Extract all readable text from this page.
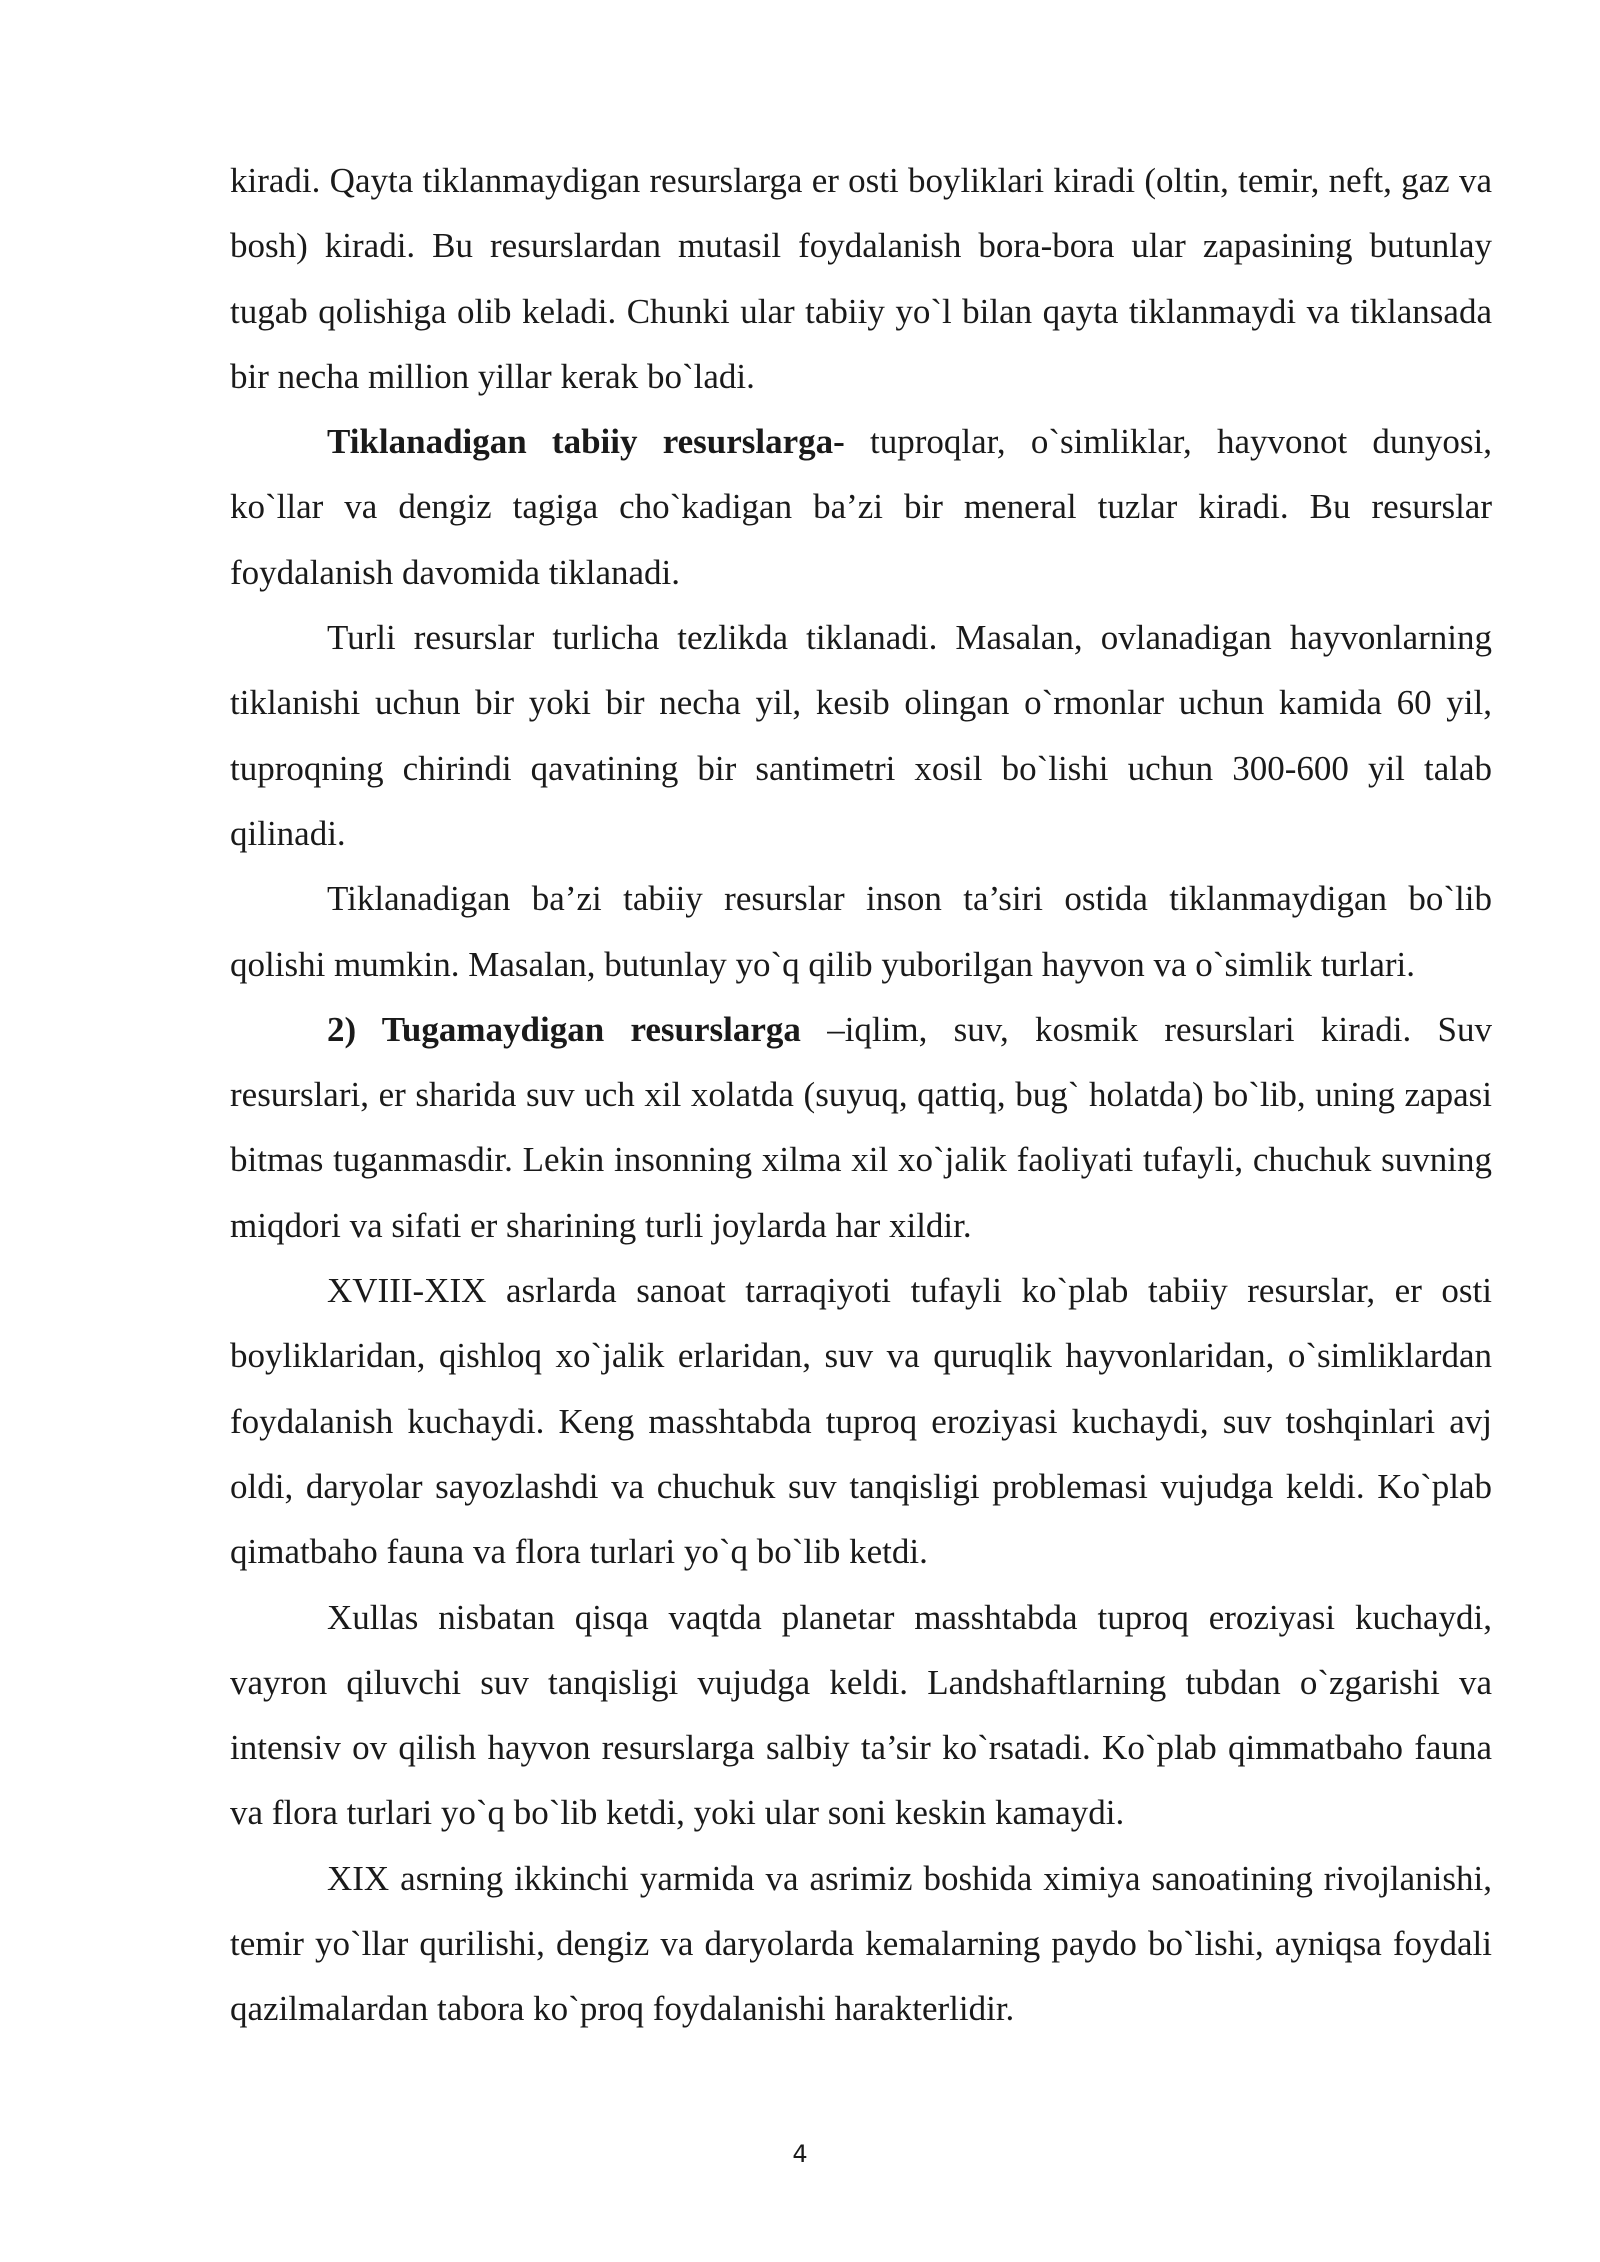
kiradi. Qayta tiklanmaydigan resurslarga er osti boyliklari kiradi (oltin, temir, neft, gaz va bosh) kiradi. Bu resurslardan mutasil foydalanish bora-bora ular zapasining butunlay tugab qolishiga olib keladi. Chunki ular tabiiy yo`l bilan qayta tiklanmaydi va tiklansada bir necha million yillar kerak bo`ladi.

Tiklanadigan tabiiy resurslarga- tuproqlar, o`simliklar, hayvonot dunyosi, ko`llar va dengiz tagiga cho`kadigan ba’zi bir meneral tuzlar kiradi. Bu resurslar foydalanish davomida tiklanadi.

Turli resurslar turlicha tezlikda tiklanadi. Masalan, ovlanadigan hayvonlarning tiklanishi uchun bir yoki bir necha yil, kesib olingan o`rmonlar uchun kamida 60 yil, tuproqning chirindi qavatining bir santimetri xosil bo`lishi uchun 300-600 yil talab qilinadi.

Tiklanadigan ba’zi tabiiy resurslar inson ta’siri ostida tiklanmaydigan bo`lib qolishi mumkin. Masalan, butunlay yo`q qilib yuborilgan hayvon va o`simlik turlari.

2) Tugamaydigan resurslarga –iqlim, suv, kosmik resurslari kiradi. Suv resurslari, er sharida suv uch xil xolatda (suyuq, qattiq, bug` holatda) bo`lib, uning zapasi bitmas tuganmasdir. Lekin insonning xilma xil xo`jalik faoliyati tufayli, chuchuk suvning miqdori va sifati er sharining turli joylarda har xildir.

XVIII-XIX asrlarda sanoat tarraqiyoti tufayli ko`plab tabiiy resurslar, er osti boyliklaridan, qishloq xo`jalik erlaridan, suv va quruqlik hayvonlaridan, o`simliklardan foydalanish kuchaydi. Keng masshtabda tuproq eroziyasi kuchaydi, suv toshqinlari avj oldi, daryolar sayozlashdi va chuchuk suv tanqisligi problemasi vujudga keldi. Ko`plab qimatbaho fauna va flora turlari yo`q bo`lib ketdi.

Xullas nisbatan qisqa vaqtda planetar masshtabda tuproq eroziyasi kuchaydi, vayron qiluvchi suv tanqisligi vujudga keldi. Landshaftlarning tubdan o`zgarishi va intensiv ov qilish hayvon resurslarga salbiy ta’sir ko`rsatadi. Ko`plab qimmatbaho fauna va flora turlari yo`q bo`lib ketdi, yoki ular soni keskin kamaydi.

XIX asrning ikkinchi yarmida va asrimiz boshida ximiya sanoatining rivojlanishi, temir yo`llar qurilishi, dengiz va daryolarda kemalarning paydo bo`lishi, ayniqsa foydali qazilmalardan tabora ko`proq foydalanishi harakterlidir.

4
